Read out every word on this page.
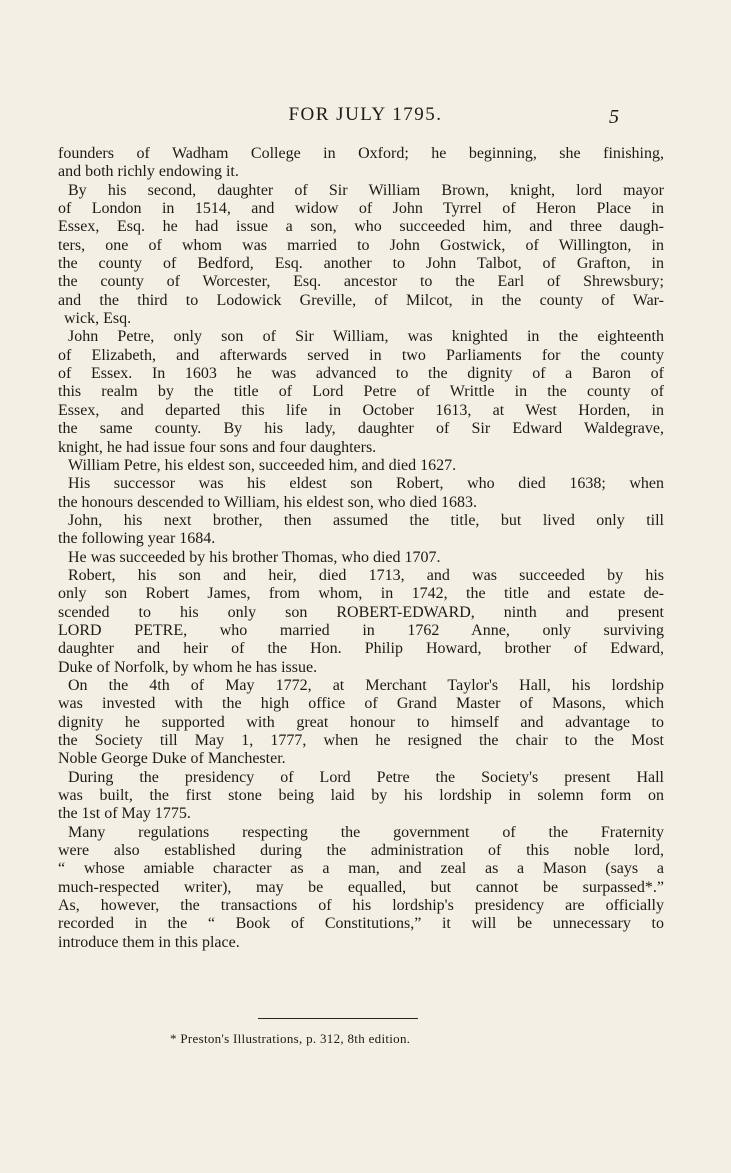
FOR JULY 1795.	5
founders of Wadham College in Oxford; he beginning, she finishing,
and both richly endowing it.
By his second, daughter of Sir William Brown, knight, lord mayor
of London in 1514, and widow of John Tyrrel of Heron Place in
Essex, Esq. he had issue a son, who succeeded him, and three daugh-
ters, one of whom was married to John Gostwick, of Willington, in
the county of Bedford, Esq. another to John Talbot, of Grafton, in
the county of Worcester, Esq. ancestor to the Earl of Shrewsbury;
and the third to Lodowick Greville, of Milcot, in the county of War-
wick, Esq.
John Petre, only son of Sir William, was knighted in the eighteenth
of Elizabeth, and afterwards served in two Parliaments for the county
of Essex. In 1603 he was advanced to the dignity of a Baron of
this realm by the title of Lord Petre of Writtle in the county of
Essex, and departed this life in October 1613, at West Horden, in
the same county. By his lady, daughter of Sir Edward Waldegrave,
knight, he had issue four sons and four daughters.
William Petre, his eldest son, succeeded him, and died 1627.
His successor was his eldest son Robert, who died 1638; when
the honours descended to William, his eldest son, who died 1683.
John, his next brother, then assumed the title, but lived only till
the following year 1684.
He was succeeded by his brother Thomas, who died 1707.
Robert, his son and heir, died 1713, and was succeeded by his
only son Robert James, from whom, in 1742, the title and estate de-
scended to his only son ROBERT-EDWARD, ninth and present
LORD PETRE, who married in 1762 Anne, only surviving
daughter and heir of the Hon. Philip Howard, brother of Edward,
Duke of Norfolk, by whom he has issue.
On the 4th of May 1772, at Merchant Taylor's Hall, his lordship
was invested with the high office of Grand Master of Masons, which
dignity he supported with great honour to himself and advantage to
the Society till May 1, 1777, when he resigned the chair to the Most
Noble George Duke of Manchester.
During the presidency of Lord Petre the Society's present Hall
was built, the first stone being laid by his lordship in solemn form on
the 1st of May 1775.
Many regulations respecting the government of the Fraternity
were also established during the administration of this noble lord,
“ whose amiable character as a man, and zeal as a Mason (says a
much-respected writer), may be equalled, but cannot be surpassed*.”
As, however, the transactions of his lordship's presidency are officially
recorded in the “ Book of Constitutions,” it will be unnecessary to
introduce them in this place.
* Preston's Illustrations, p. 312, 8th edition.
